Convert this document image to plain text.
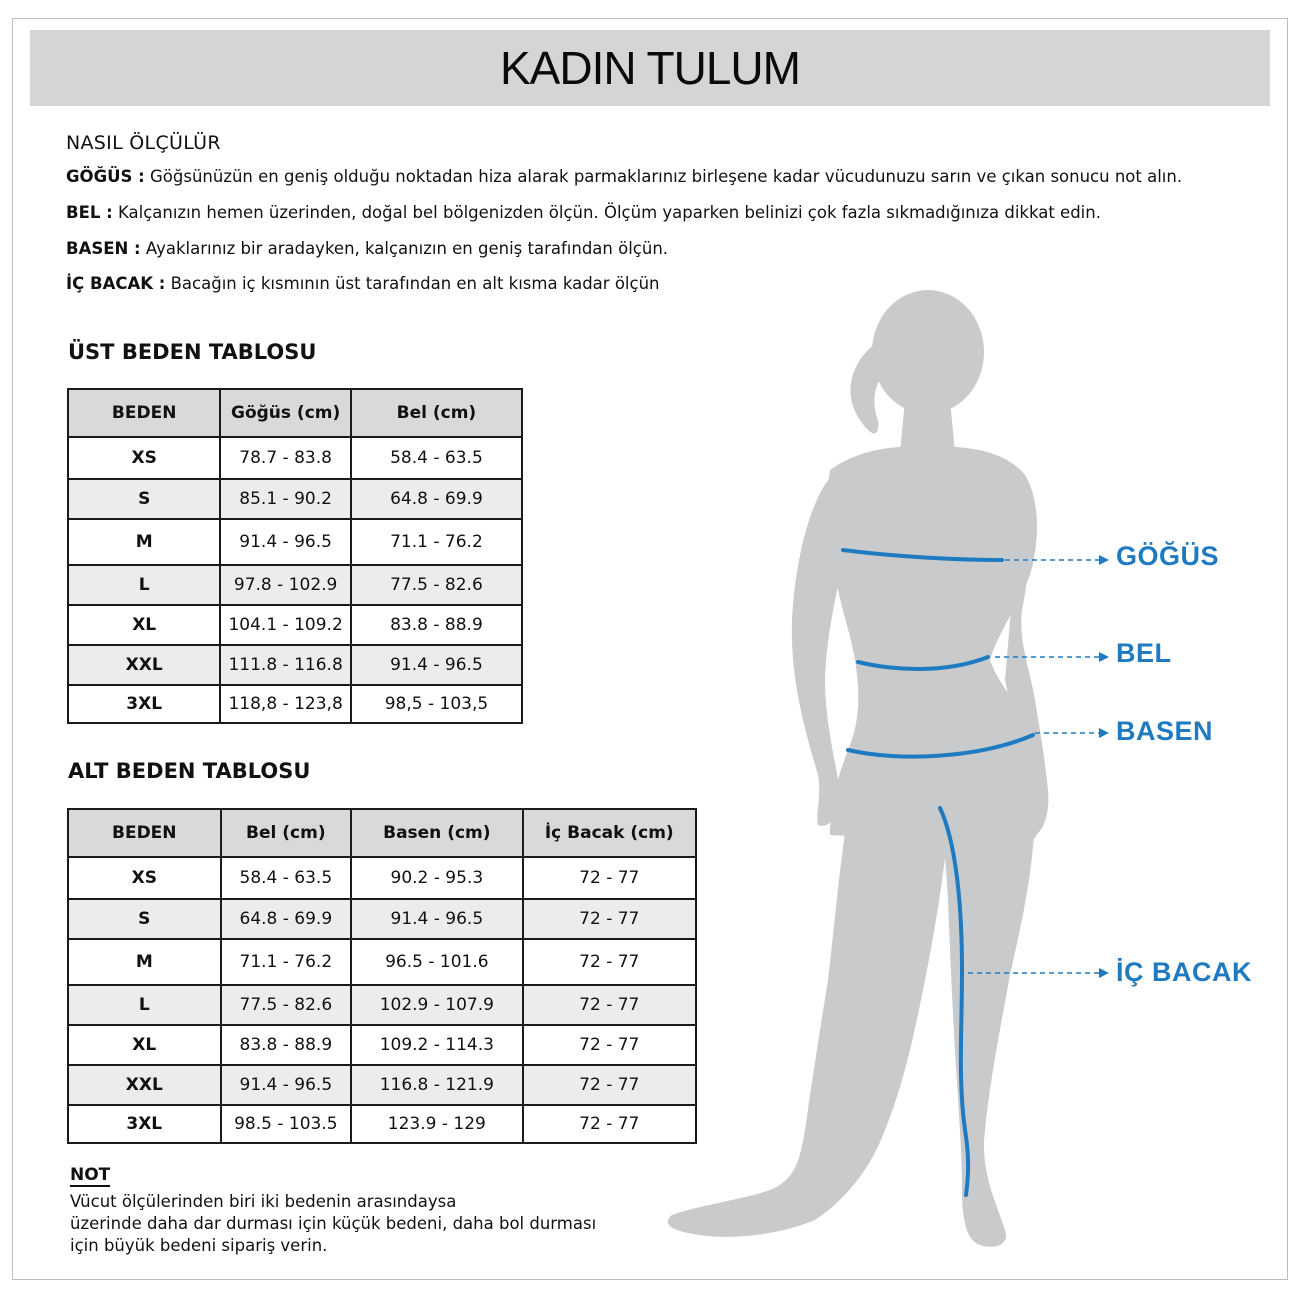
KADIN TULUM
NASIL ÖLÇÜLÜR
GÖĞÜS : Göğsünüzün en geniş olduğu noktadan hiza alarak parmaklarınız birleşene kadar vücudunuzu sarın ve çıkan sonucu not alın.
BEL : Kalçanızın hemen üzerinden, doğal bel bölgenizden ölçün. Ölçüm yaparken belinizi çok fazla sıkmadığınıza dikkat edin.
BASEN : Ayaklarınız bir aradayken, kalçanızın en geniş tarafından ölçün.
İÇ BACAK : Bacağın iç kısmının üst tarafından en alt kısma kadar ölçün
ÜST BEDEN TABLOSU
BEDEN	Göğüs (cm)	Bel (cm)
XS	78.7 - 83.8	58.4 - 63.5
S	85.1 - 90.2	64.8 - 69.9
M	91.4 - 96.5	71.1 - 76.2
L	97.8 - 102.9	77.5 - 82.6
XL	104.1 - 109.2	83.8 - 88.9
XXL	111.8 - 116.8	91.4 - 96.5
3XL	118,8 - 123,8	98,5 - 103,5
ALT BEDEN TABLOSU
BEDEN	Bel (cm)	Basen (cm)	İç Bacak (cm)
XS	58.4 - 63.5	90.2 - 95.3	72 - 77
S	64.8 - 69.9	91.4 - 96.5	72 - 77
M	71.1 - 76.2	96.5 - 101.6	72 - 77
L	77.5 - 82.6	102.9 - 107.9	72 - 77
XL	83.8 - 88.9	109.2 - 114.3	72 - 77
XXL	91.4 - 96.5	116.8 - 121.9	72 - 77
3XL	98.5 - 103.5	123.9 - 129	72 - 77
NOT
Vücut ölçülerinden biri iki bedenin arasındaysa
üzerinde daha dar durması için küçük bedeni, daha bol durması
için büyük bedeni sipariş verin.
GÖĞÜS
BEL
BASEN
İÇ BACAK
